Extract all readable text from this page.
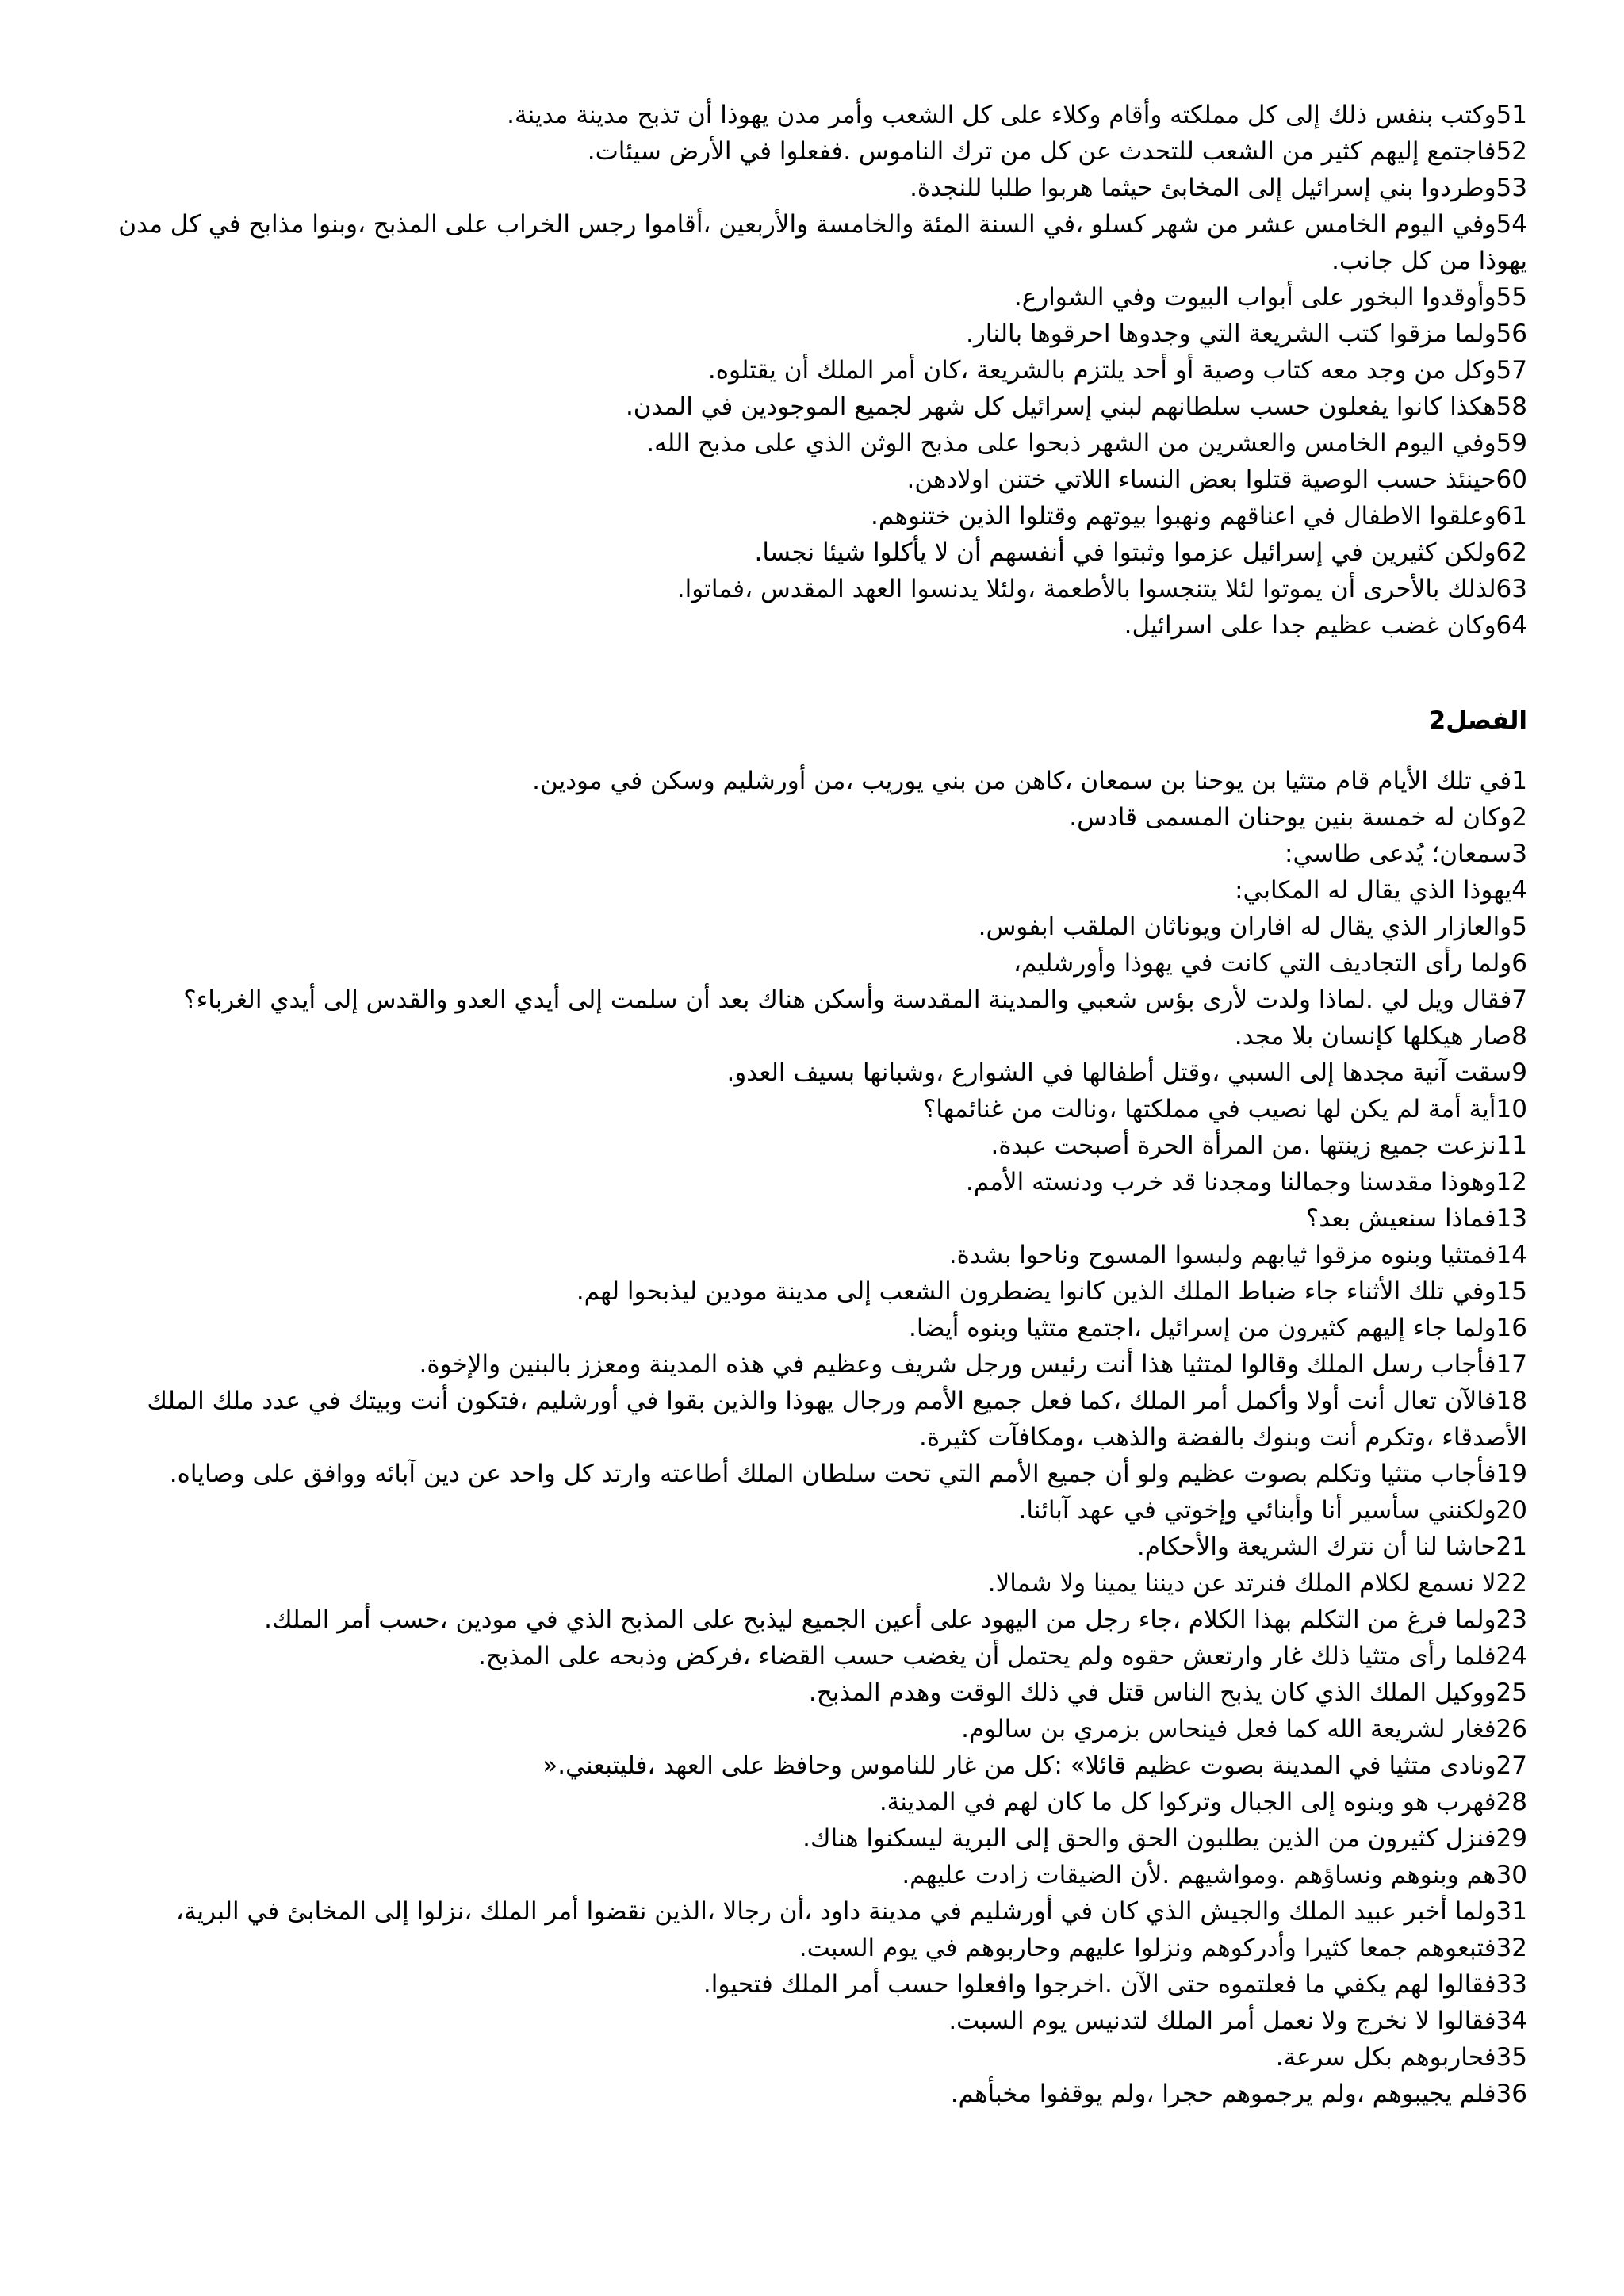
51وكتب بنفس ذلك إلى كل مملكته وأقام وكلاء على كل الشعب وأمر مدن يهوذا أن تذبح مدينة مدينة.

52فاجتمع إليهم كثير من الشعب للتحدث عن كل من ترك الناموس .ففعلوا في الأرض سيئات.

53وطردوا بني إسرائيل إلى المخابئ حيثما هربوا طلبا للنجدة.

54وفي اليوم الخامس عشر من شهر كسلو ،في السنة المئة والخامسة والأربعين ،أقاموا رجس الخراب على المذبح ،وبنوا مذابح في كل مدن يهوذا من كل جانب.

55وأوقدوا البخور على أبواب البيوت وفي الشوارع.

56ولما مزقوا كتب الشريعة التي وجدوها احرقوها بالنار.

57وكل من وجد معه كتاب وصية أو أحد يلتزم بالشريعة ،كان أمر الملك أن يقتلوه.

58هكذا كانوا يفعلون حسب سلطانهم لبني إسرائيل كل شهر لجميع الموجودين في المدن.

59وفي اليوم الخامس والعشرين من الشهر ذبحوا على مذبح الوثن الذي على مذبح الله.

60حينئذ حسب الوصية قتلوا بعض النساء اللاتي ختنن اولادهن.

61وعلقوا الاطفال في اعناقهم ونهبوا بيوتهم وقتلوا الذين ختنوهم.

62ولكن كثيرين في إسرائيل عزموا وثبتوا في أنفسهم أن لا يأكلوا شيئا نجسا.

63لذلك بالأحرى أن يموتوا لئلا يتنجسوا بالأطعمة ،ولئلا يدنسوا العهد المقدس ،فماتوا.

64وكان غضب عظيم جدا على اسرائيل.

الفصل2

1في تلك الأيام قام متثيا بن يوحنا بن سمعان ،كاهن من بني يوريب ،من أورشليم وسكن في مودين.

2وكان له خمسة بنين يوحنان المسمى قادس.

3سمعان؛ يُدعى طاسي:

4يهوذا الذي يقال له المكابي:

5والعازار الذي يقال له افاران ويوناثان الملقب ابفوس.

6ولما رأى التجاديف التي كانت في يهوذا وأورشليم،

7فقال ويل لي .لماذا ولدت لأرى بؤس شعبي والمدينة المقدسة وأسكن هناك بعد أن سلمت إلى أيدي العدو والقدس إلى أيدي الغرباء؟

8صار هيكلها كإنسان بلا مجد.

9سقت آنية مجدها إلى السبي ،وقتل أطفالها في الشوارع ،وشبانها بسيف العدو.

10أية أمة لم يكن لها نصيب في مملكتها ،ونالت من غنائمها؟

11نزعت جميع زينتها .من المرأة الحرة أصبحت عبدة.

12وهوذا مقدسنا وجمالنا ومجدنا قد خرب ودنسته الأمم.

13فماذا سنعيش بعد؟

14فمتثيا وبنوه مزقوا ثيابهم ولبسوا المسوح وناحوا بشدة.

15وفي تلك الأثناء جاء ضباط الملك الذين كانوا يضطرون الشعب إلى مدينة مودين ليذبحوا لهم.

16ولما جاء إليهم كثيرون من إسرائيل ،اجتمع متثيا وبنوه أيضا.

17فأجاب رسل الملك وقالوا لمتثيا هذا أنت رئيس ورجل شريف وعظيم في هذه المدينة ومعزز بالبنين والإخوة.

18فالآن تعال أنت أولا وأكمل أمر الملك ،كما فعل جميع الأمم ورجال يهوذا والذين بقوا في أورشليم ،فتكون أنت وبيتك في عدد ملك الملك الأصدقاء ،وتكرم أنت وبنوك بالفضة والذهب ،ومكافآت كثيرة.

19فأجاب متثيا وتكلم بصوت عظيم ولو أن جميع الأمم التي تحت سلطان الملك أطاعته وارتد كل واحد عن دين آبائه ووافق على وصاياه.

20ولكنني سأسير أنا وأبنائي وإخوتي في عهد آبائنا.

21حاشا لنا أن نترك الشريعة والأحكام.

22لا نسمع لكلام الملك فنرتد عن ديننا يمينا ولا شمالا.

23ولما فرغ من التكلم بهذا الكلام ،جاء رجل من اليهود على أعين الجميع ليذبح على المذبح الذي في مودين ،حسب أمر الملك.

24فلما رأى متثيا ذلك غار وارتعش حقوه ولم يحتمل أن يغضب حسب القضاء ،فركض وذبحه على المذبح.

25ووكيل الملك الذي كان يذبح الناس قتل في ذلك الوقت وهدم المذبح.

26فغار لشريعة الله كما فعل فينحاس بزمري بن سالوم.

27ونادى متثيا في المدينة بصوت عظيم قائلا» :كل من غار للناموس وحافظ على العهد ،فليتبعني.«

28فهرب هو وبنوه إلى الجبال وتركوا كل ما كان لهم في المدينة.

29فنزل كثيرون من الذين يطلبون الحق والحق إلى البرية ليسكنوا هناك.

30هم وبنوهم ونساؤهم .ومواشيهم .لأن الضيقات زادت عليهم.

31ولما أخبر عبيد الملك والجيش الذي كان في أورشليم في مدينة داود ،أن رجالا ،الذين نقضوا أمر الملك ،نزلوا إلى المخابئ في البرية،

32فتبعوهم جمعا كثيرا وأدركوهم ونزلوا عليهم وحاربوهم في يوم السبت.

33فقالوا لهم يكفي ما فعلتموه حتى الآن .اخرجوا وافعلوا حسب أمر الملك فتحيوا.

34فقالوا لا نخرج ولا نعمل أمر الملك لتدنيس يوم السبت.

35فحاربوهم بكل سرعة.

36فلم يجيبوهم ،ولم يرجموهم حجرا ،ولم يوقفوا مخبأهم.
